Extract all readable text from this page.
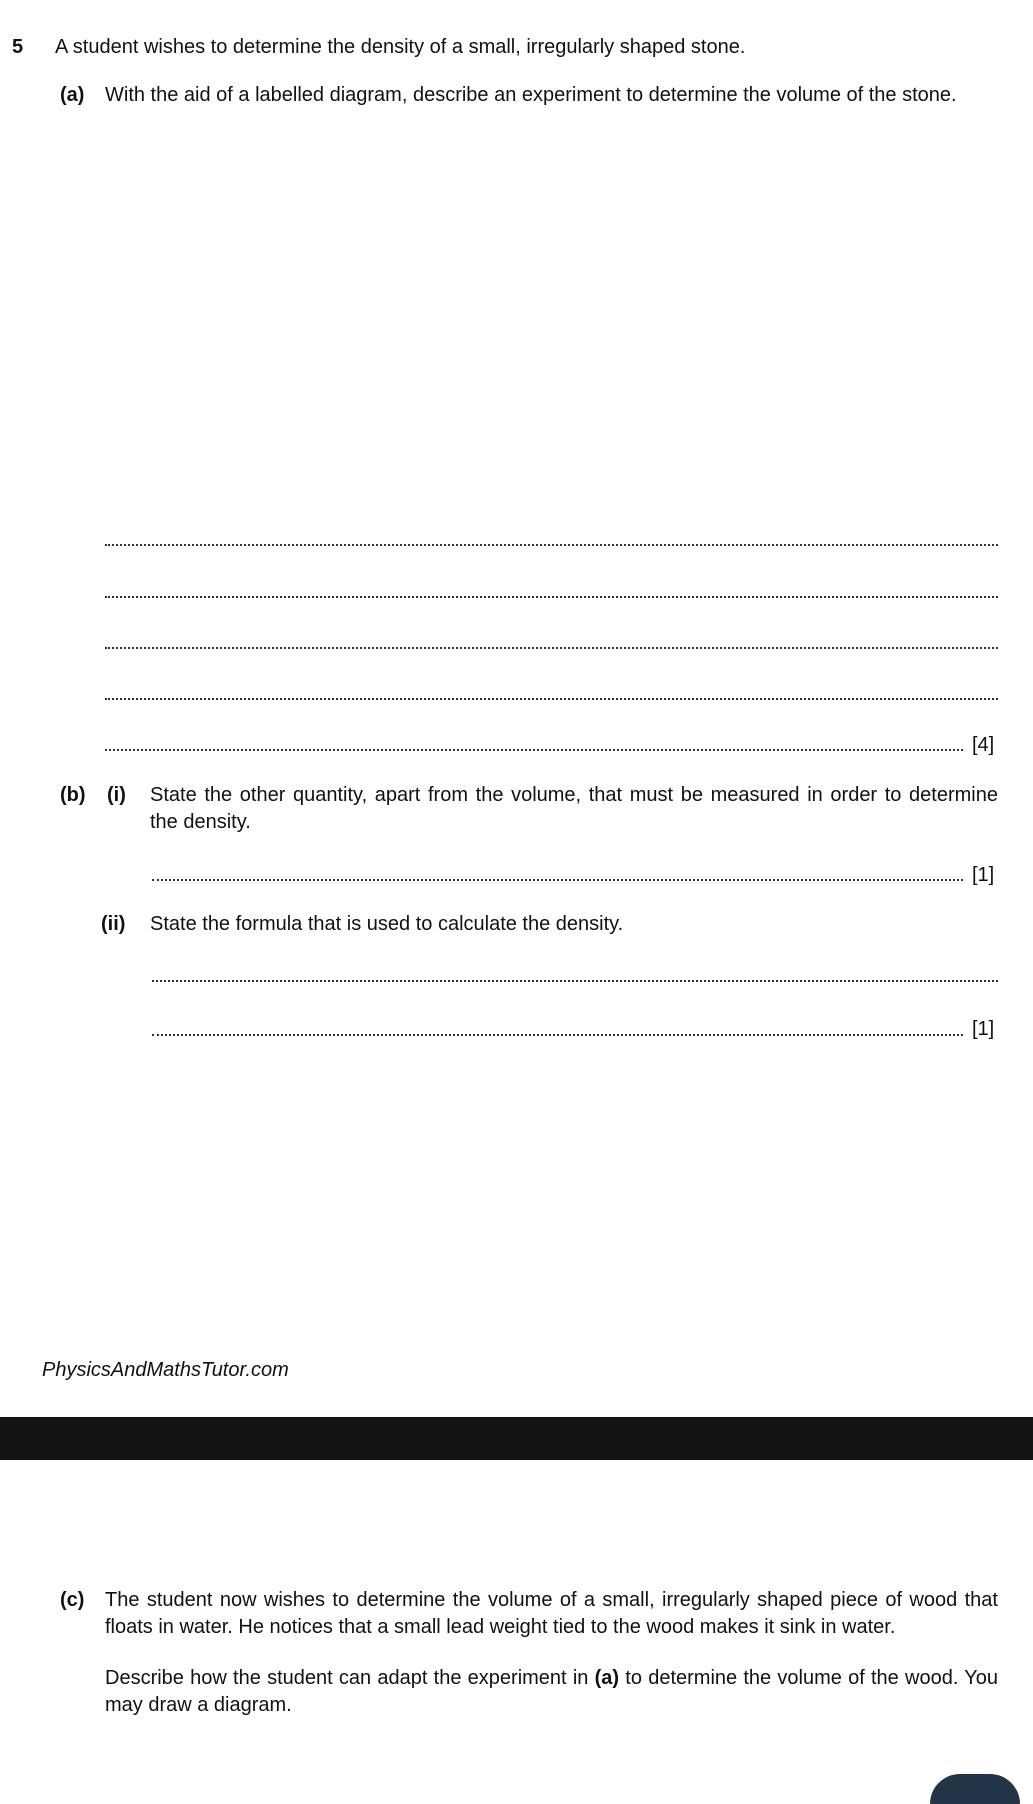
5 A student wishes to determine the density of a small, irregularly shaped stone.
(a) With the aid of a labelled diagram, describe an experiment to determine the volume of the stone.
[4]
(b) (i) State the other quantity, apart from the volume, that must be measured in order to determine the density.
[1]
(ii) State the formula that is used to calculate the density.
[1]
PhysicsAndMathsTutor.com
(c) The student now wishes to determine the volume of a small, irregularly shaped piece of wood that floats in water. He notices that a small lead weight tied to the wood makes it sink in water.
Describe how the student can adapt the experiment in (a) to determine the volume of the wood. You may draw a diagram.
